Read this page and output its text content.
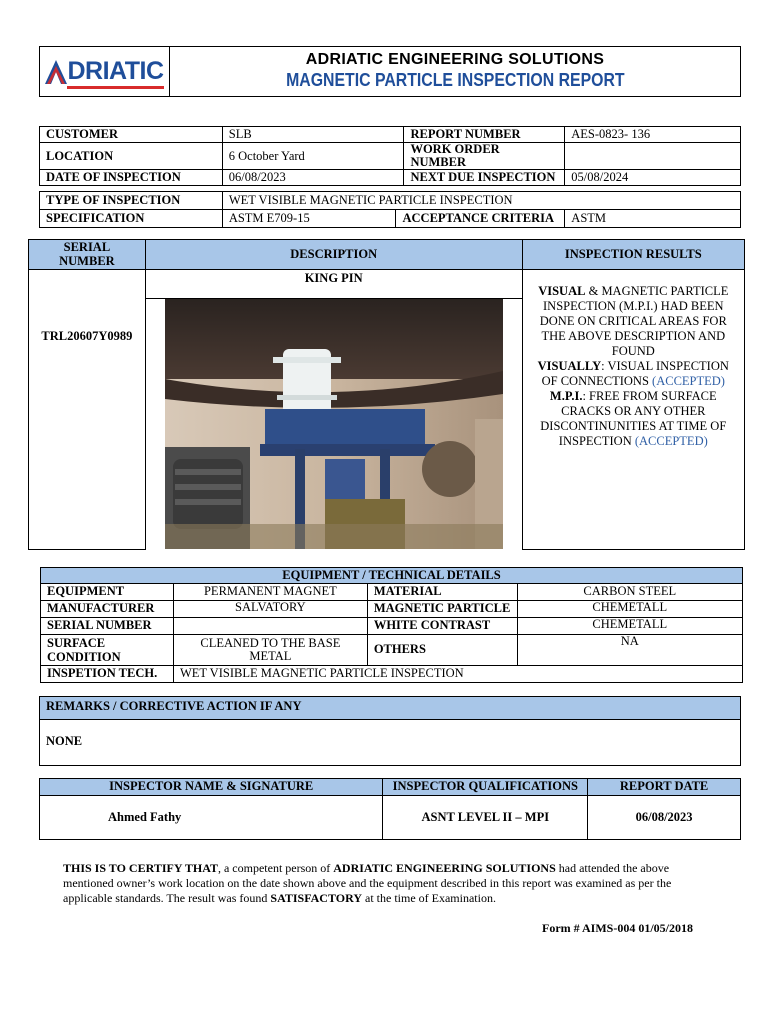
DRIATIC	ADRIATIC ENGINEERING SOLUTIONS
MAGNETIC PARTICLE INSPECTION REPORT
CUSTOMER	SLB	REPORT NUMBER	AES-0823- 136
LOCATION	6 October Yard	WORK ORDER NUMBER	
DATE OF INSPECTION	06/08/2023	NEXT DUE INSPECTION	05/08/2024
TYPE OF INSPECTION	WET VISIBLE MAGNETIC PARTICLE INSPECTION		
SPECIFICATION	ASTM E709-15	ACCEPTANCE CRITERIA	ASTM
SERIAL NUMBER	DESCRIPTION	INSPECTION RESULTS
TRL20607Y0989	KING PIN	VISUAL & MAGNETIC PARTICLE INSPECTION (M.P.I.) HAD BEEN DONE ON CRITICAL AREAS FOR THE ABOVE DESCRIPTION AND FOUND
VISUALLY: VISUAL INSPECTION OF CONNECTIONS (ACCEPTED)
M.P.I.: FREE FROM SURFACE CRACKS OR ANY OTHER DISCONTINUNITIES AT TIME OF INSPECTION (ACCEPTED)

EQUIPMENT / TECHNICAL DETAILS			
EQUIPMENT	PERMANENT MAGNET	MATERIAL	CARBON STEEL
MANUFACTURER	SALVATORY	MAGNETIC PARTICLE	CHEMETALL
SERIAL NUMBER		WHITE CONTRAST	CHEMETALL
SURFACE CONDITION	CLEANED TO THE BASE METAL	OTHERS	NA
INSPETION TECH.	WET VISIBLE MAGNETIC PARTICLE INSPECTION		
REMARKS / CORRECTIVE ACTION IF ANY
NONE
INSPECTOR NAME & SIGNATURE	INSPECTOR QUALIFICATIONS	REPORT DATE
Ahmed Fathy	ASNT LEVEL II – MPI	06/08/2023
THIS IS TO CERTIFY THAT, a competent person of ADRIATIC ENGINEERING SOLUTIONS had attended the above mentioned owner’s work location on the date shown above and the equipment described in this report was examined as per the applicable standards. The result was found SATISFACTORY at the time of Examination.
Form # AIMS-004 01/05/2018
